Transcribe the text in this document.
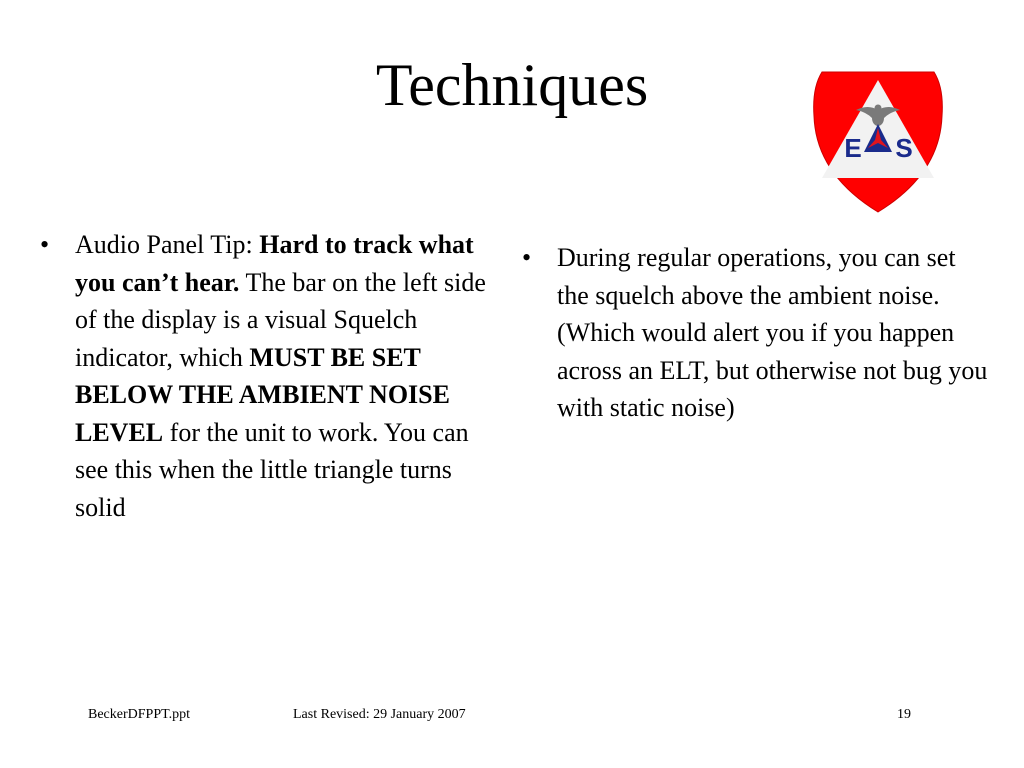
Techniques
E S
• Audio Panel Tip: Hard to track what you can’t hear. The bar on the left side of the display is a visual Squelch indicator, which MUST BE SET BELOW THE AMBIENT NOISE LEVEL for the unit to work. You can see this when the little triangle turns solid
• During regular operations, you can set the squelch above the ambient noise. (Which would alert you if you happen across an ELT, but otherwise not bug you with static noise)
BeckerDFPPT.ppt	Last Revised: 29 January 2007	19
